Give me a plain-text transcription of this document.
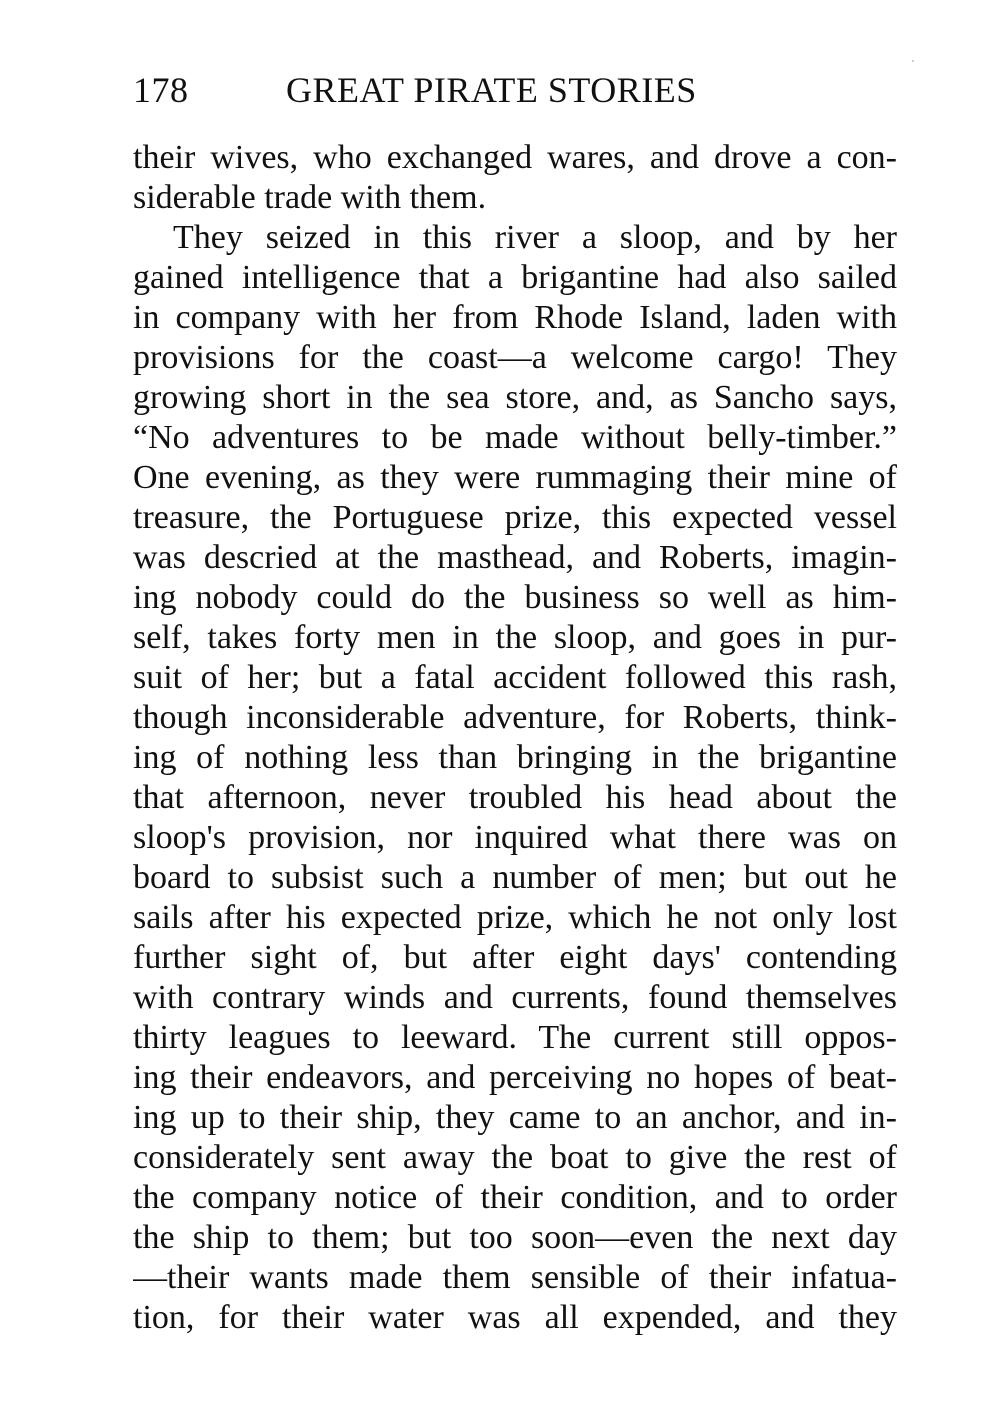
178	GREAT PIRATE STORIES
their wives, who exchanged wares, and drove a con-
siderable trade with them.
They seized in this river a sloop, and by her
gained intelligence that a brigantine had also sailed
in company with her from Rhode Island, laden with
provisions for the coast—a welcome cargo! They
growing short in the sea store, and, as Sancho says,
“No adventures to be made without belly-timber.”
One evening, as they were rummaging their mine of
treasure, the Portuguese prize, this expected vessel
was descried at the masthead, and Roberts, imagin-
ing nobody could do the business so well as him-
self, takes forty men in the sloop, and goes in pur-
suit of her; but a fatal accident followed this rash,
though inconsiderable adventure, for Roberts, think-
ing of nothing less than bringing in the brigantine
that afternoon, never troubled his head about the
sloop's provision, nor inquired what there was on
board to subsist such a number of men; but out he
sails after his expected prize, which he not only lost
further sight of, but after eight days' contending
with contrary winds and currents, found themselves
thirty leagues to leeward. The current still oppos-
ing their endeavors, and perceiving no hopes of beat-
ing up to their ship, they came to an anchor, and in-
considerately sent away the boat to give the rest of
the company notice of their condition, and to order
the ship to them; but too soon—even the next day
—their wants made them sensible of their infatua-
tion, for their water was all expended, and they
